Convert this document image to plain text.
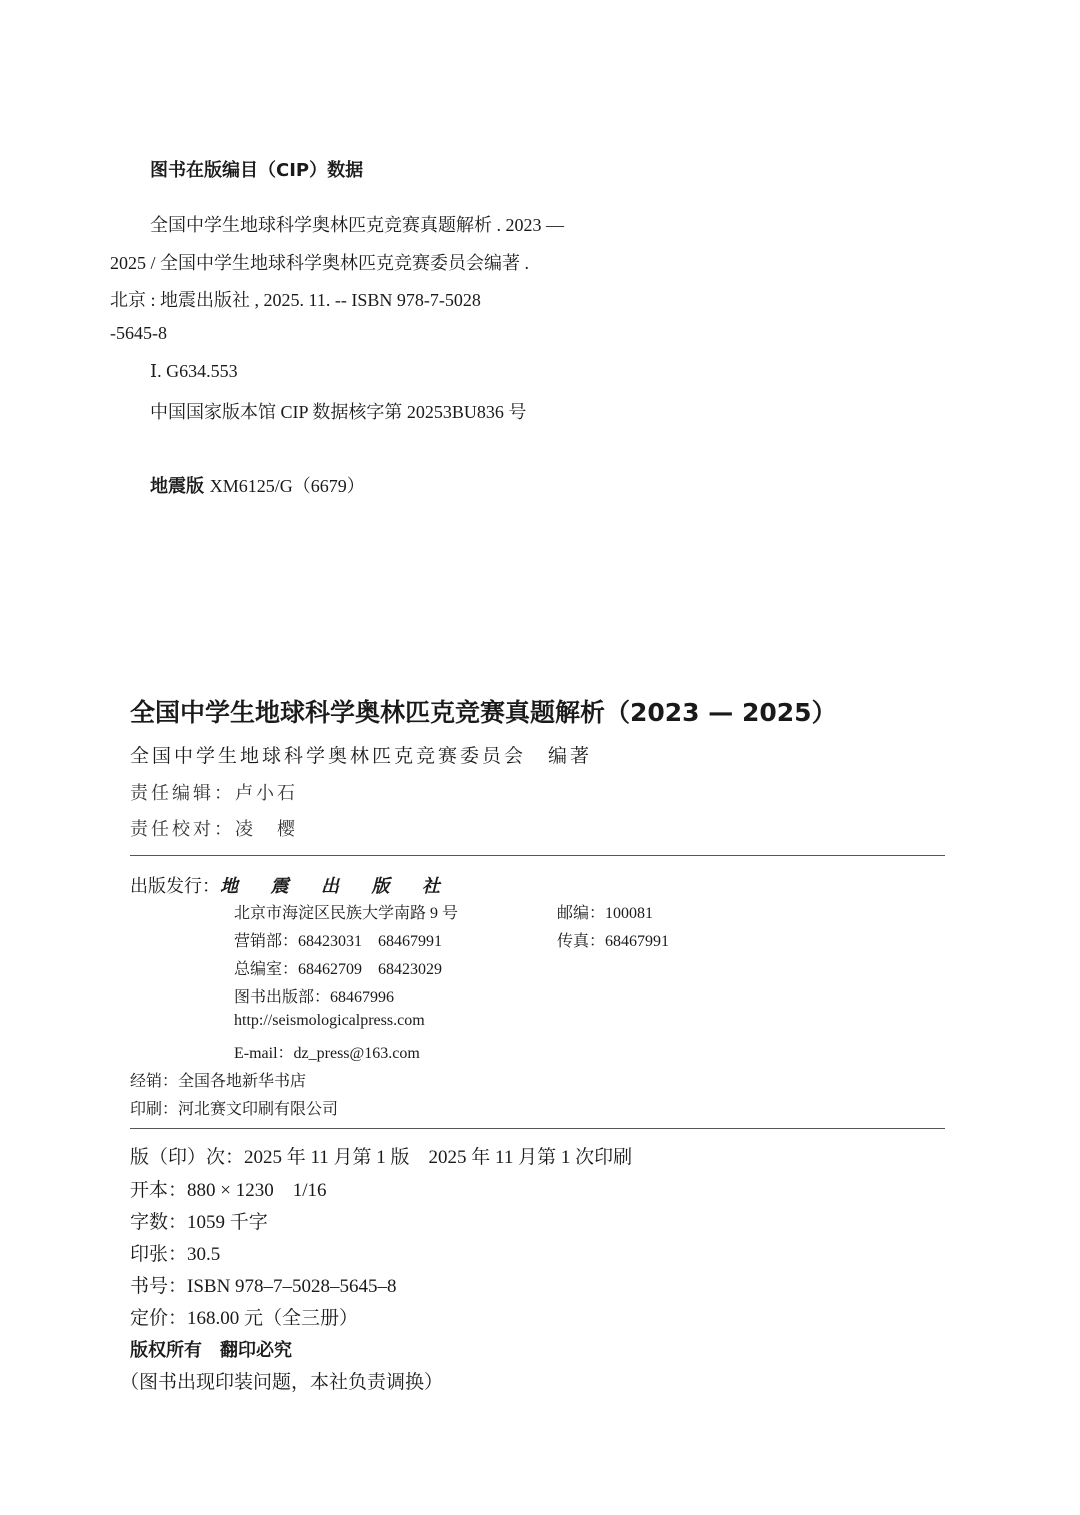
图书在版编目（CIP）数据
全国中学生地球科学奥林匹克竞赛真题解析 . 2023 —
2025 / 全国中学生地球科学奥林匹克竞赛委员会编著 .
北京 : 地震出版社 , 2025. 11. -- ISBN 978-7-5028
-5645-8
Ⅰ. G634.553
中国国家版本馆 CIP 数据核字第 20253BU836 号
地震版 XM6125/G（6679）
全国中学生地球科学奥林匹克竞赛真题解析（2023 — 2025）
全国中学生地球科学奥林匹克竞赛委员会　编著
责任编辑：卢小石
责任校对：凌　樱
出版发行：地 震 出 版 社
北京市海淀区民族大学南路 9 号	邮编：100081
营销部：68423031　68467991	传真：68467991
总编室：68462709　68423029
图书出版部：68467996
http://seismologicalpress.com
E-mail：dz_press@163.com
经销：全国各地新华书店
印刷：河北赛文印刷有限公司
版（印）次：2025 年 11 月第 1 版　2025 年 11 月第 1 次印刷
开本：880 × 1230　1/16
字数：1059 千字
印张：30.5
书号：ISBN 978–7–5028–5645–8
定价：168.00 元（全三册）
版权所有　翻印必究
（图书出现印装问题，本社负责调换）
